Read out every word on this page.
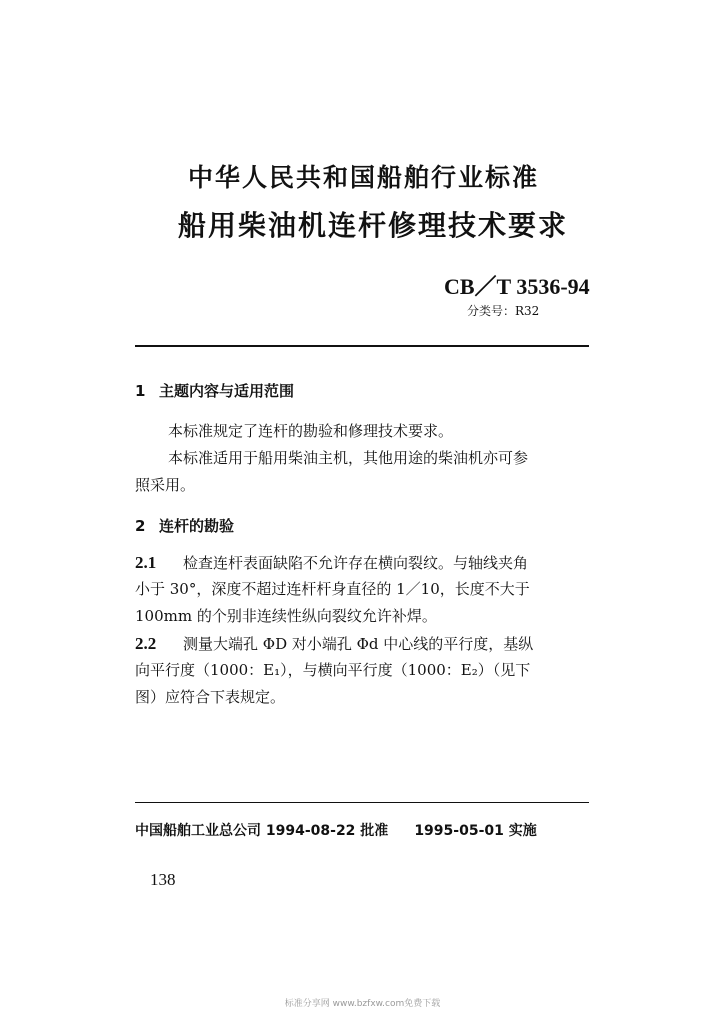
中华人民共和国船舶行业标准
船用柴油机连杆修理技术要求
CB／T 3536-94
分类号：R32
1 主题内容与适用范围
本标准规定了连杆的勘验和修理技术要求。
本标准适用于船用柴油主机，其他用途的柴油机亦可参
照采用。
2 连杆的勘验
2.1 检查连杆表面缺陷不允许存在横向裂纹。与轴线夹角
小于 30°，深度不超过连杆杆身直径的 1／10，长度不大于
100mm 的个别非连续性纵向裂纹允许补焊。
2.2 测量大端孔 ΦD 对小端孔 Φd 中心线的平行度，基纵
向平行度（1000：E₁），与横向平行度（1000：E₂）（见下
图）应符合下表规定。
中国船舶工业总公司 1994-08-22 批准 1995-05-01 实施
138
标准分享网 www.bzfxw.com免费下载
